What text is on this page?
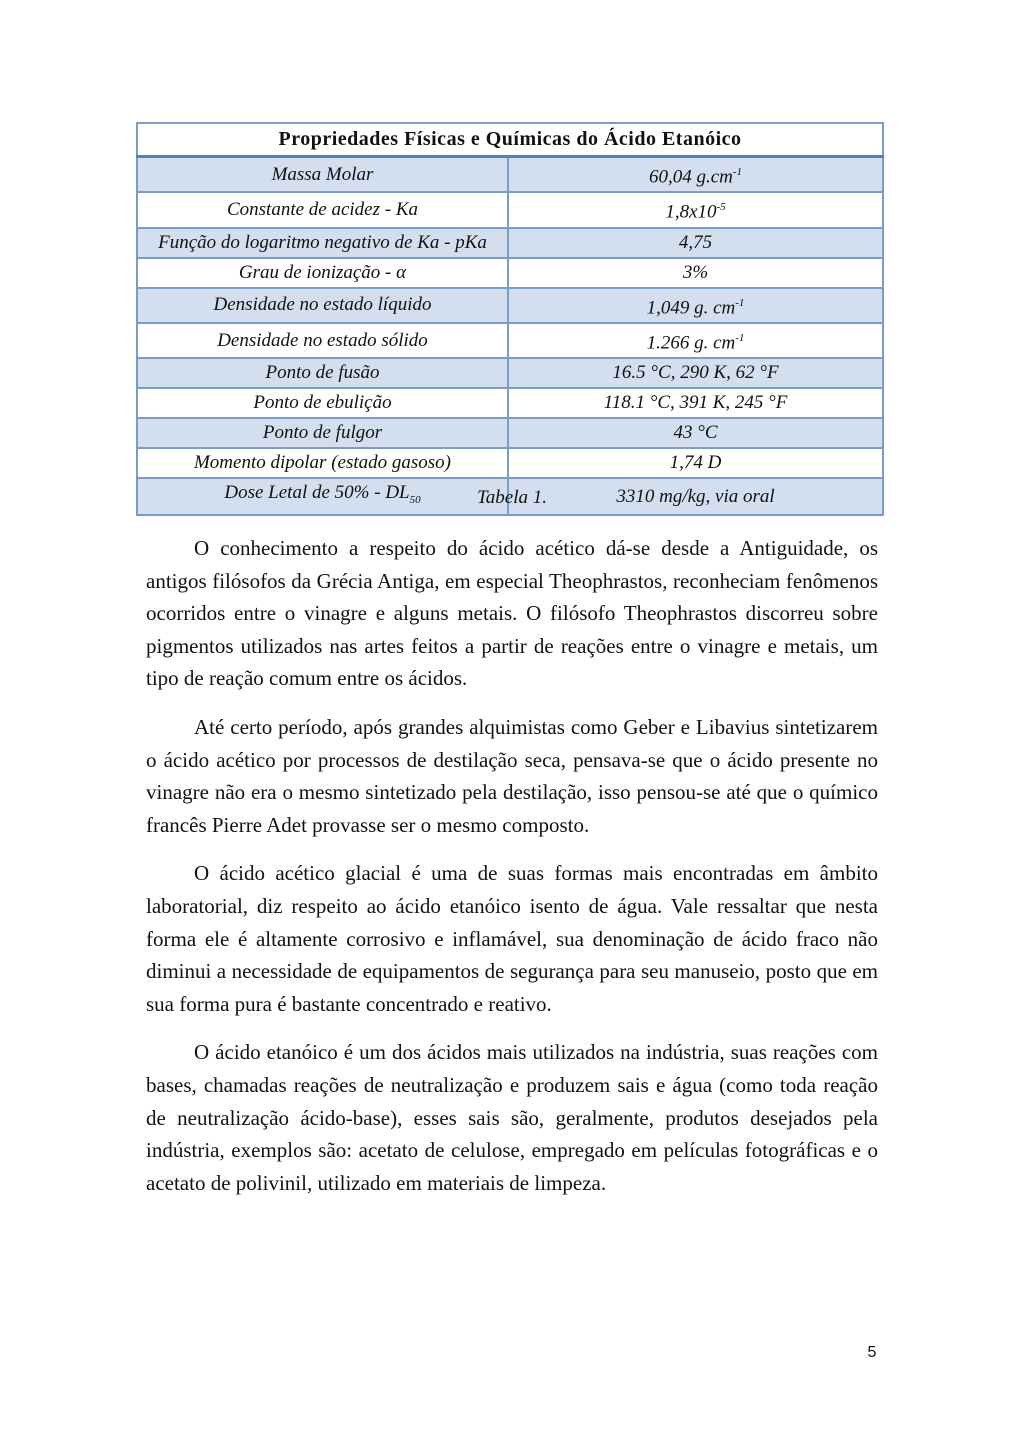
Propriedades Físicas e Químicas do Ácido Etanóico	
Massa Molar	60,04 $g.cm^{-1}$
Constante de acidez - Ka	$1,8x10^{-5}$
Função do logaritmo negativo de Ka - pKa	4,75
Grau de ionização - α	3%
Densidade no estado líquido	1,049 g. $cm^{-1}$
Densidade no estado sólido	1.266 g. $cm^{-1}$
Ponto de fusão	16.5 °C, 290 K, 62 °F
Ponto de ebulição	118.1 °C, 391 K, 245 °F
Ponto de fulgor	43 °C
Momento dipolar (estado gasoso)	1,74 D
Dose Letal de $50\% - DL_{50}$	3310 mg/kg, via oral
Tabela 1.

O conhecimento a respeito do ácido acético dá-se desde a Antiguidade, os antigos filósofos da Grécia Antiga, em especial Theophrastos, reconheciam fenômenos ocorridos entre o vinagre e alguns metais. O filósofo Theophrastos discorreu sobre pigmentos utilizados nas artes feitos a partir de reações entre o vinagre e metais, um tipo de reação comum entre os ácidos.

Até certo período, após grandes alquimistas como Geber e Libavius sintetizarem o ácido acético por processos de destilação seca, pensava-se que o ácido presente no vinagre não era o mesmo sintetizado pela destilação, isso pensou-se até que o químico francês Pierre Adet provasse ser o mesmo composto.

O ácido acético glacial é uma de suas formas mais encontradas em âmbito laboratorial, diz respeito ao ácido etanóico isento de água. Vale ressaltar que nesta forma ele é altamente corrosivo e inflamável, sua denominação de ácido fraco não diminui a necessidade de equipamentos de segurança para seu manuseio, posto que em sua forma pura é bastante concentrado e reativo.

O ácido etanóico é um dos ácidos mais utilizados na indústria, suas reações com bases, chamadas reações de neutralização e produzem sais e água (como toda reação de neutralização ácido-base), esses sais são, geralmente, produtos desejados pela indústria, exemplos são: acetato de celulose, empregado em películas fotográficas e o acetato de polivinil, utilizado em materiais de limpeza.

5
